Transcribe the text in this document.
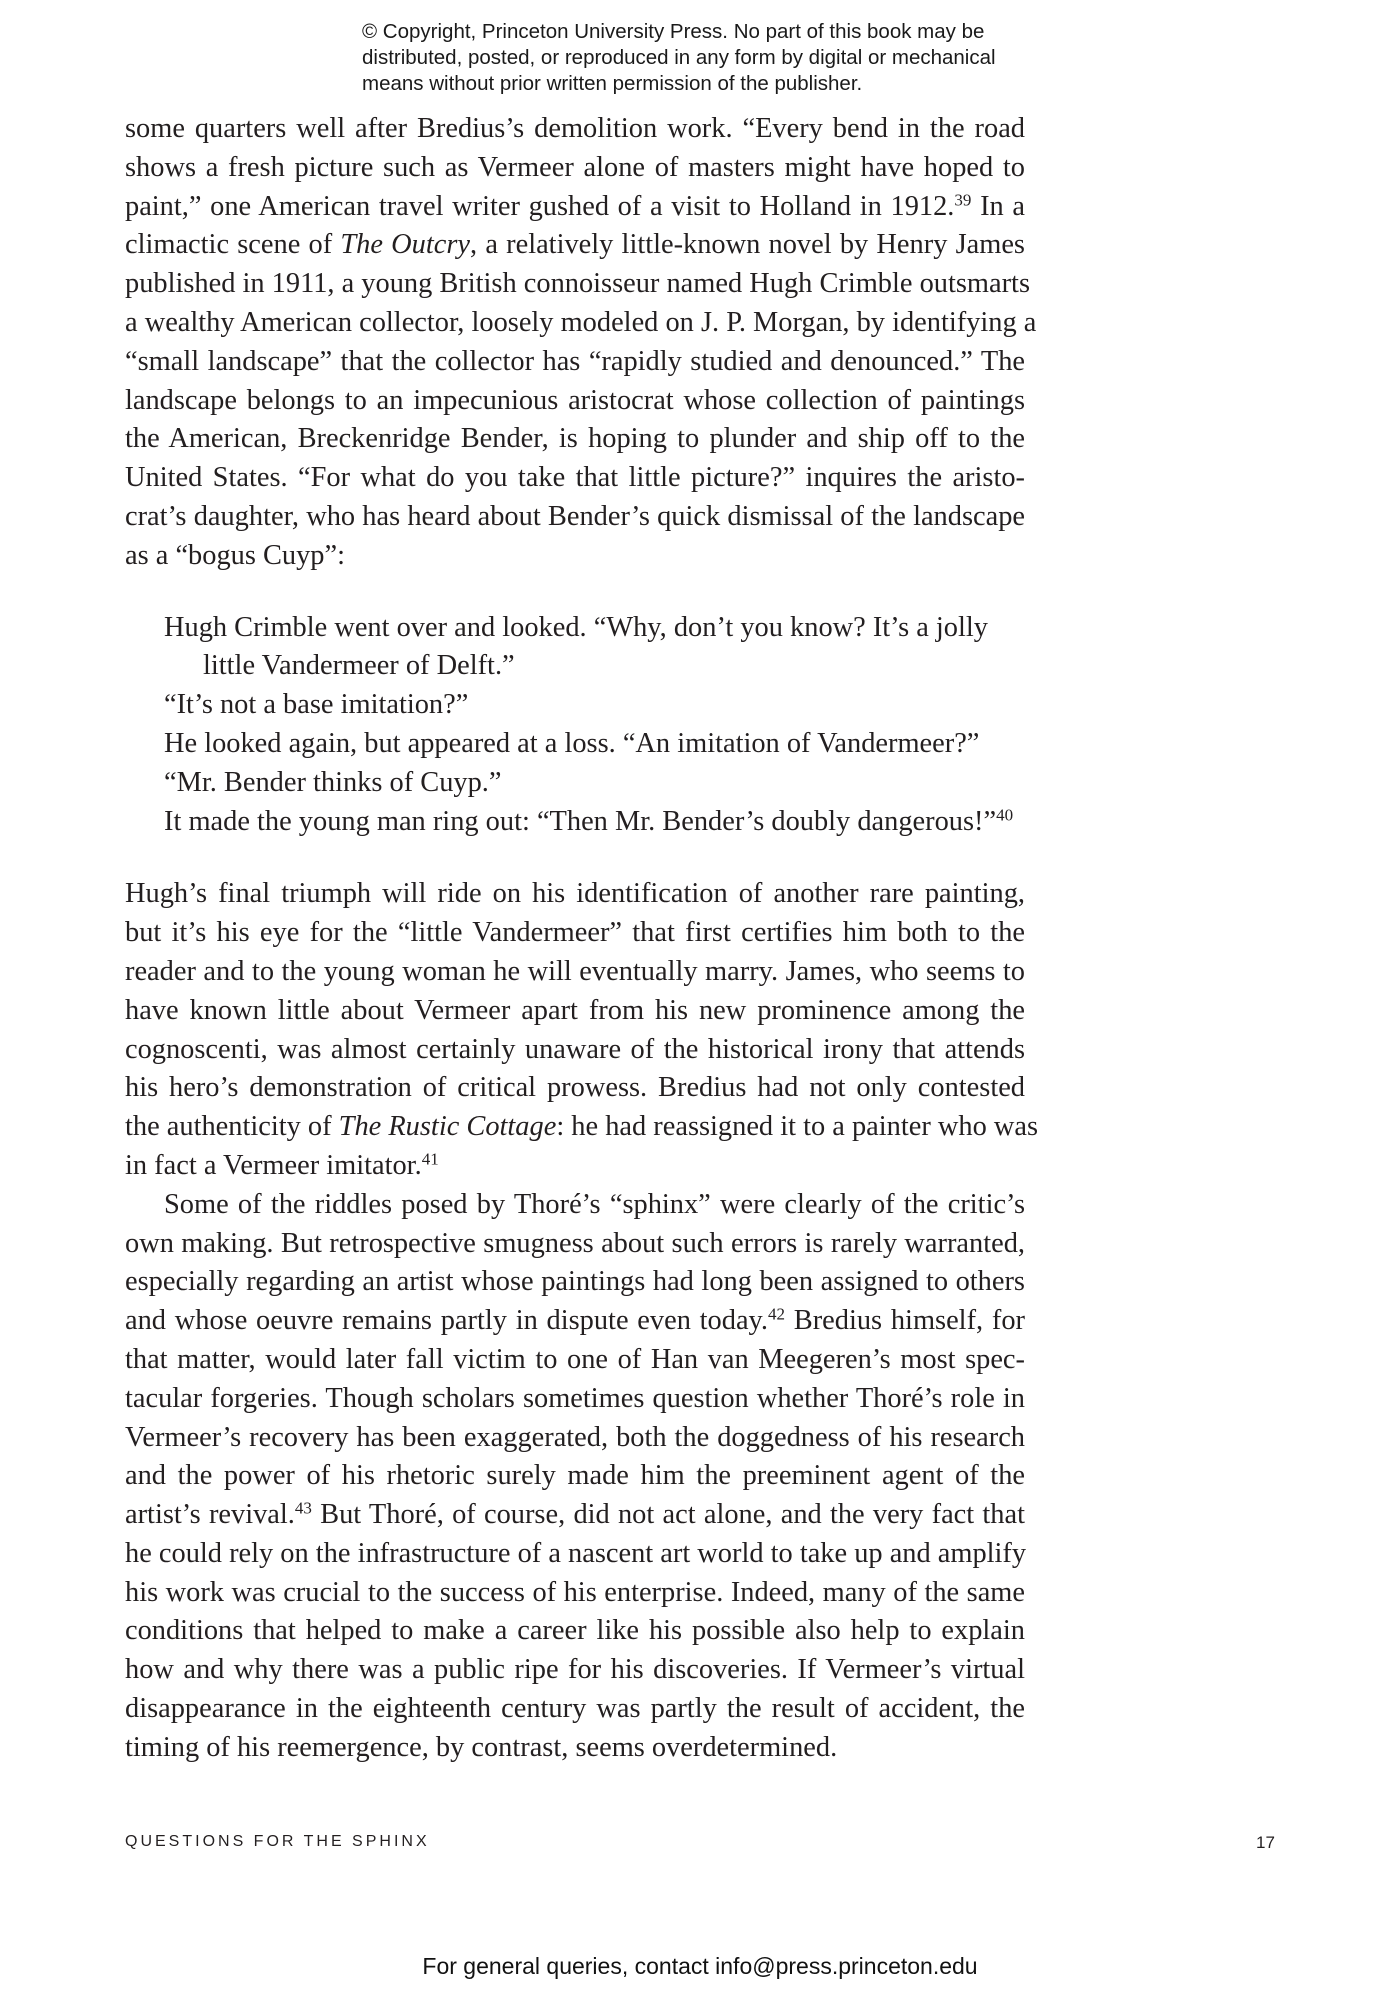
© Copyright, Princeton University Press. No part of this book may be
distributed, posted, or reproduced in any form by digital or mechanical
means without prior written permission of the publisher.
some quarters well after Bredius’s demolition work. “Every bend in the road
shows a fresh picture such as Vermeer alone of masters might have hoped to
paint,” one American travel writer gushed of a visit to Holland in 1912.39 In a
climactic scene of The Outcry, a relatively little-known novel by Henry James
published in 1911, a young British connoisseur named Hugh Crimble outsmarts
a wealthy American collector, loosely modeled on J. P. Morgan, by identifying a
“small landscape” that the collector has “rapidly studied and denounced.” The
landscape belongs to an impecunious aristocrat whose collection of paintings
the American, Breckenridge Bender, is hoping to plunder and ship off to the
United States. “For what do you take that little picture?” inquires the aristo-
crat’s daughter, who has heard about Bender’s quick dismissal of the landscape
as a “bogus Cuyp”:
Hugh Crimble went over and looked. “Why, don’t you know? It’s a jolly
little Vandermeer of Delft.”
“It’s not a base imitation?”
He looked again, but appeared at a loss. “An imitation of Vandermeer?”
“Mr. Bender thinks of Cuyp.”
It made the young man ring out: “Then Mr. Bender’s doubly dangerous!”$^{40}$
Hugh’s final triumph will ride on his identification of another rare painting,
but it’s his eye for the “little Vandermeer” that first certifies him both to the
reader and to the young woman he will eventually marry. James, who seems to
have known little about Vermeer apart from his new prominence among the
cognoscenti, was almost certainly unaware of the historical irony that attends
his hero’s demonstration of critical prowess. Bredius had not only contested
the authenticity of The Rustic Cottage: he had reassigned it to a painter who was
in fact a Vermeer imitator.$^{41}$
Some of the riddles posed by Thoré’s “sphinx” were clearly of the critic’s
own making. But retrospective smugness about such errors is rarely warranted,
especially regarding an artist whose paintings had long been assigned to others
and whose oeuvre remains partly in dispute even today.$^{42}$ Bredius himself, for
that matter, would later fall victim to one of Han van Meegeren’s most spec-
tacular forgeries. Though scholars sometimes question whether Thoré’s role in
Vermeer’s recovery has been exaggerated, both the doggedness of his research
and the power of his rhetoric surely made him the preeminent agent of the
artist’s revival.$^{43}$ But Thoré, of course, did not act alone, and the very fact that
he could rely on the infrastructure of a nascent art world to take up and amplify
his work was crucial to the success of his enterprise. Indeed, many of the same
conditions that helped to make a career like his possible also help to explain
how and why there was a public ripe for his discoveries. If Vermeer’s virtual
disappearance in the eighteenth century was partly the result of accident, the
timing of his reemergence, by contrast, seems overdetermined.
QUESTIONS FOR THE SPHINX	17
For general queries, contact info@press.princeton.edu
